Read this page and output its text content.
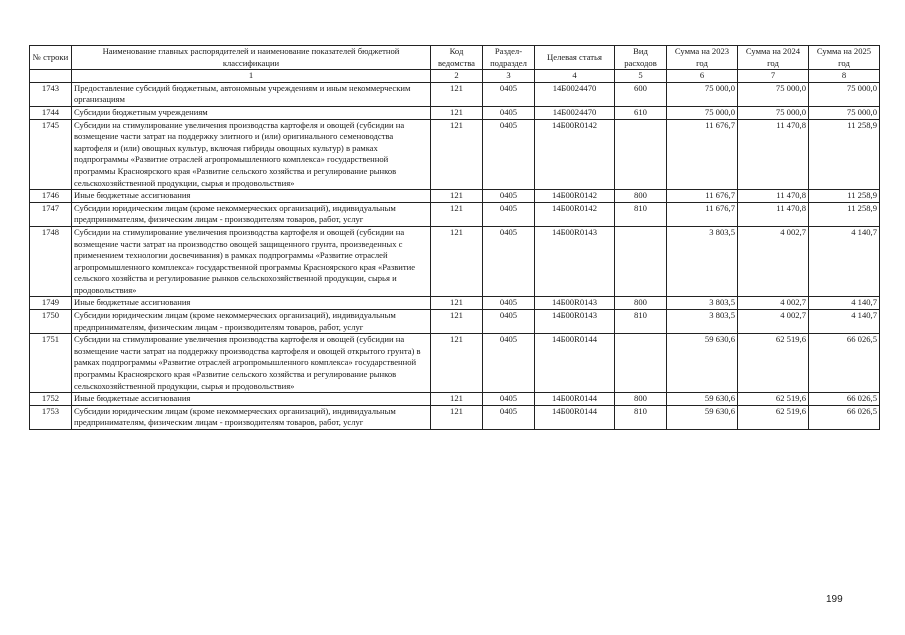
№ строки	Наименование главных распорядителей и наименование показателей бюджетной классификации	Код ведомства	Раздел-подраздел	Целевая статья	Вид расходов	Сумма на 2023 год	Сумма на 2024 год	Сумма на 2025 год
	1	2	3	4	5	6	7	8
1743	Предоставление субсидий бюджетным, автономным учреждениям и иным некоммерческим организациям	121	0405	14Б0024470	600	75 000,0	75 000,0	75 000,0
1744	Субсидии бюджетным учреждениям	121	0405	14Б0024470	610	75 000,0	75 000,0	75 000,0
1745	Субсидии на стимулирование увеличения производства картофеля и овощей (субсидии на возмещение части затрат на поддержку элитного и (или) оригинального семеноводства картофеля и (или) овощных культур, включая гибриды овощных культур) в рамках подпрограммы «Развитие отраслей агропромышленного комплекса» государственной программы Красноярского края «Развитие сельского хозяйства и регулирование рынков сельскохозяйственной продукции, сырья и продовольствия»	121	0405	14Б00R0142		11 676,7	11 470,8	11 258,9
1746	Иные бюджетные ассигнования	121	0405	14Б00R0142	800	11 676,7	11 470,8	11 258,9
1747	Субсидии юридическим лицам (кроме некоммерческих организаций), индивидуальным предпринимателям, физическим лицам - производителям товаров, работ, услуг	121	0405	14Б00R0142	810	11 676,7	11 470,8	11 258,9
1748	Субсидии на стимулирование увеличения производства картофеля и овощей (субсидии на возмещение части затрат на производство овощей защищенного грунта, произведенных с применением технологии досвечивания) в рамках подпрограммы «Развитие отраслей агропромышленного комплекса» государственной программы Красноярского края «Развитие сельского хозяйства и регулирование рынков сельскохозяйственной продукции, сырья и продовольствия»	121	0405	14Б00R0143		3 803,5	4 002,7	4 140,7
1749	Иные бюджетные ассигнования	121	0405	14Б00R0143	800	3 803,5	4 002,7	4 140,7
1750	Субсидии юридическим лицам (кроме некоммерческих организаций), индивидуальным предпринимателям, физическим лицам - производителям товаров, работ, услуг	121	0405	14Б00R0143	810	3 803,5	4 002,7	4 140,7
1751	Субсидии на стимулирование увеличения производства картофеля и овощей (субсидии на возмещение части затрат на поддержку производства картофеля и овощей открытого грунта) в рамках подпрограммы «Развитие отраслей агропромышленного комплекса» государственной программы Красноярского края «Развитие сельского хозяйства и регулирование рынков сельскохозяйственной продукции, сырья и продовольствия»	121	0405	14Б00R0144		59 630,6	62 519,6	66 026,5
1752	Иные бюджетные ассигнования	121	0405	14Б00R0144	800	59 630,6	62 519,6	66 026,5
1753	Субсидии юридическим лицам (кроме некоммерческих организаций), индивидуальным предпринимателям, физическим лицам - производителям товаров, работ, услуг	121	0405	14Б00R0144	810	59 630,6	62 519,6	66 026,5
199
